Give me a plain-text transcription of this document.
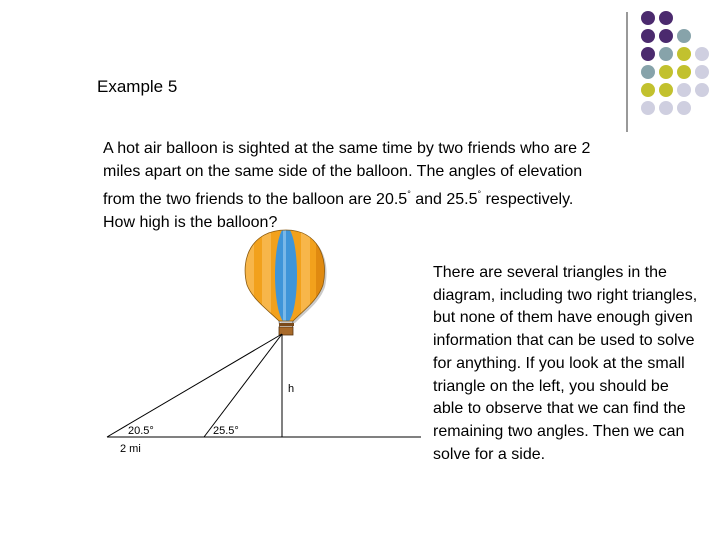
Example 5
A hot air balloon is sighted at the same time by two friends who are 2 miles apart on the same side of the balloon. The angles of elevation from the two friends to the balloon are 20.5° and 25.5° respectively. How high is the balloon?
h
20.5°	25.5°
2 mi
There are several triangles in the diagram, including two right triangles, but none of them have enough given information that can be used to solve for anything. If you look at the small triangle on the left, you should be able to observe that we can find the remaining two angles. Then we can solve for a side.
